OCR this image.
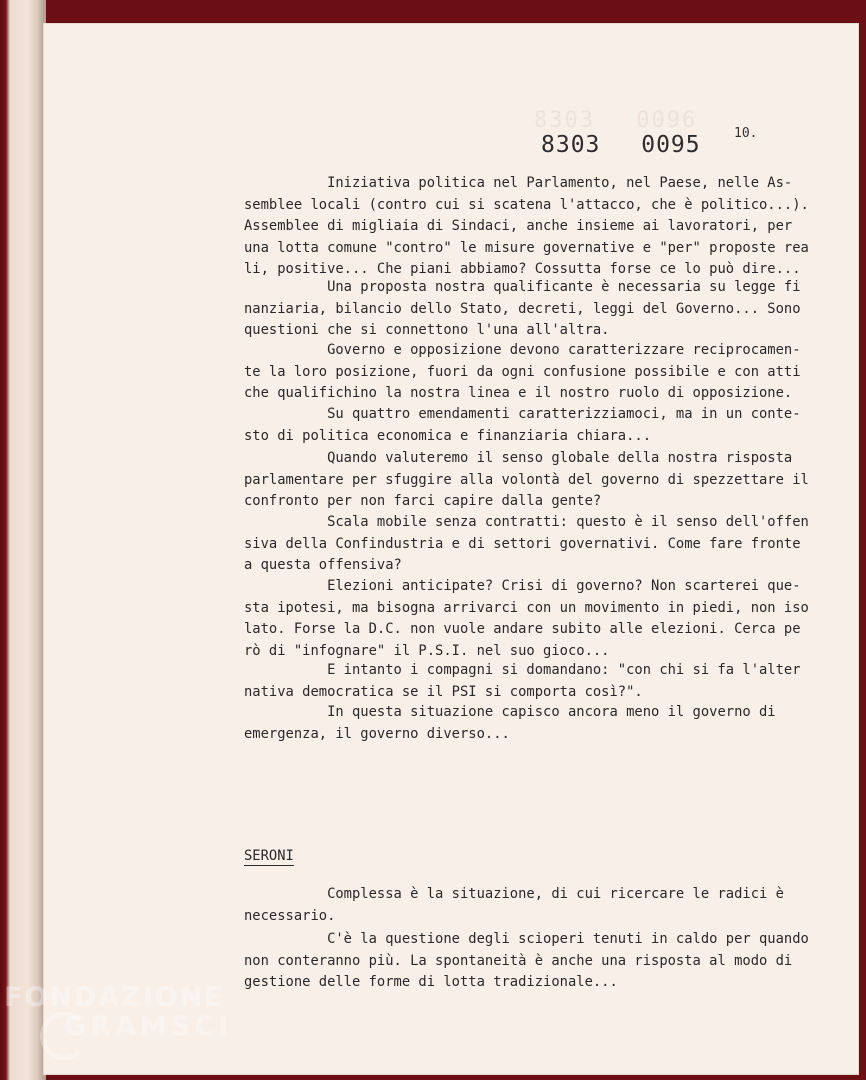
8303 0096
8303 0095	10.
Iniziativa politica nel Parlamento, nel Paese, nelle As-
semblee locali (contro cui si scatena l'attacco, che è politico...).
Assemblee di migliaia di Sindaci, anche insieme ai lavoratori, per
una lotta comune "contro" le misure governative e "per" proposte rea
li, positive... Che piani abbiamo? Cossutta forse ce lo può dire...
Una proposta nostra qualificante è necessaria su legge fi
nanziaria, bilancio dello Stato, decreti, leggi del Governo... Sono
questioni che si connettono l'una all'altra.
Governo e opposizione devono caratterizzare reciprocamen-
te la loro posizione, fuori da ogni confusione possibile e con atti
che qualifichino la nostra linea e il nostro ruolo di opposizione.
Su quattro emendamenti caratterizziamoci, ma in un conte-
sto di politica economica e finanziaria chiara...
Quando valuteremo il senso globale della nostra risposta
parlamentare per sfuggire alla volontà del governo di spezzettare il
confronto per non farci capire dalla gente?
Scala mobile senza contratti: questo è il senso dell'offen
siva della Confindustria e di settori governativi. Come fare fronte
a questa offensiva?
Elezioni anticipate? Crisi di governo? Non scarterei que-
sta ipotesi, ma bisogna arrivarci con un movimento in piedi, non iso
lato. Forse la D.C. non vuole andare subito alle elezioni. Cerca pe
rò di "infognare" il P.S.I. nel suo gioco...
E intanto i compagni si domandano: "con chi si fa l'alter
nativa democratica se il PSI si comporta così?".
In questa situazione capisco ancora meno il governo di
emergenza, il governo diverso...
SERONI
Complessa è la situazione, di cui ricercare le radici è
necessario.
C'è la questione degli scioperi tenuti in caldo per quando
non conteranno più. La spontaneità è anche una risposta al modo di
gestione delle forme di lotta tradizionale...
FONDAZIONE
GRAMSCI
